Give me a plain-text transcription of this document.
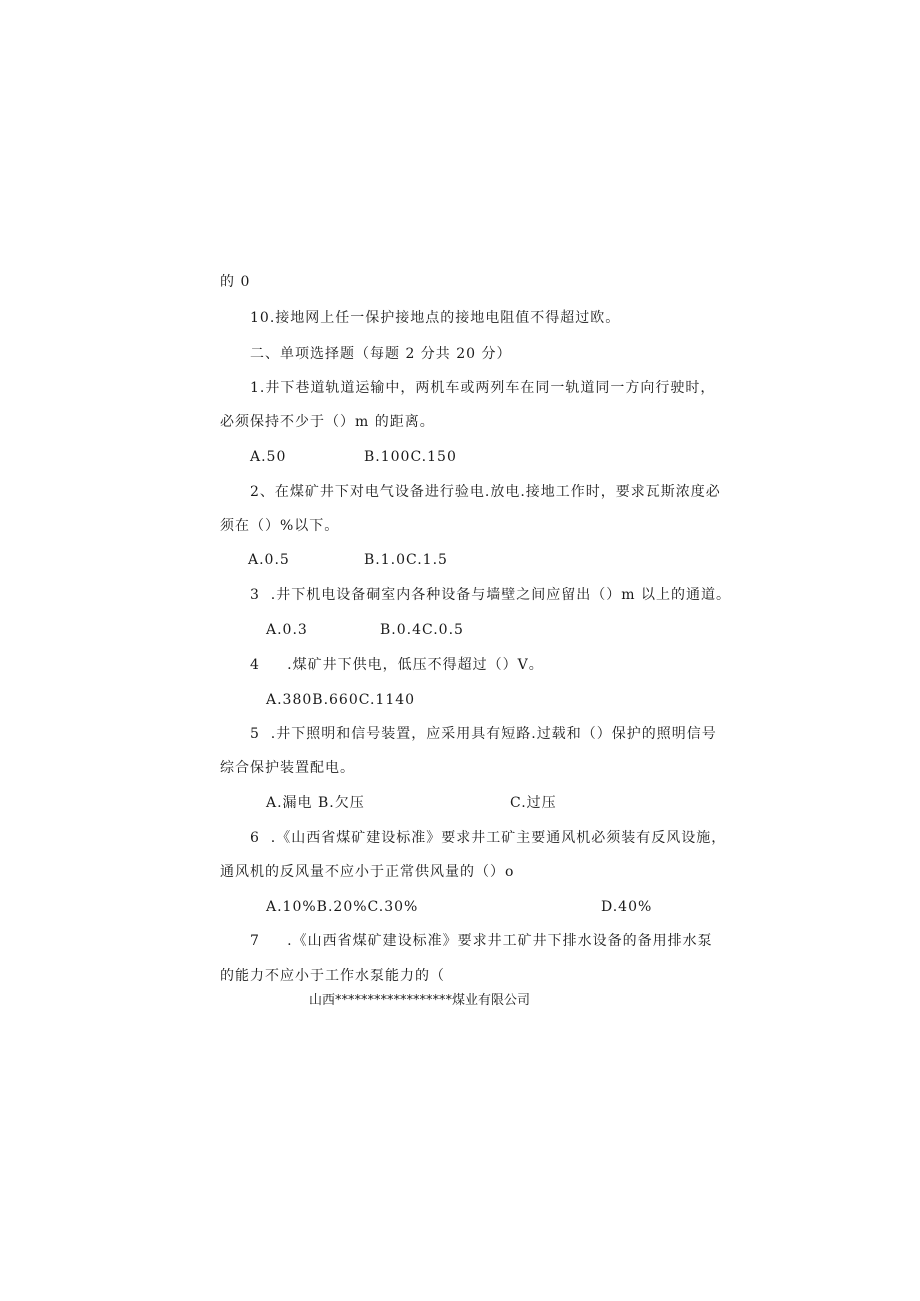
的 0
10.接地网上任一保护接地点的接地电阻值不得超过欧。
二、单项选择题（每题 2 分共 20 分）
1.井下巷道轨道运输中，两机车或两列车在同一轨道同一方向行驶时，
必须保持不少于（）m 的距离。
A.50	B.100C.150
2、在煤矿井下对电气设备进行验电.放电.接地工作时，要求瓦斯浓度必
须在（）%以下。
A.0.5	B.1.0C.1.5
3  .井下机电设备硐室内各种设备与墙壁之间应留出（）m 以上的通道。
A.0.3	B.0.4C.0.5
4     .煤矿井下供电，低压不得超过（）V。
A.380B.660C.1140
5  .井下照明和信号装置，应采用具有短路.过载和（）保护的照明信号
综合保护装置配电。
A.漏电 B.欠压	C.过压
6  .《山西省煤矿建设标准》要求井工矿主要通风机必须装有反风设施，
通风机的反风量不应小于正常供风量的（）o
A.10%B.20%C.30%	D.40%
7     .《山西省煤矿建设标准》要求井工矿井下排水设备的备用排水泵
的能力不应小于工作水泵能力的（
山西******************煤业有限公司
